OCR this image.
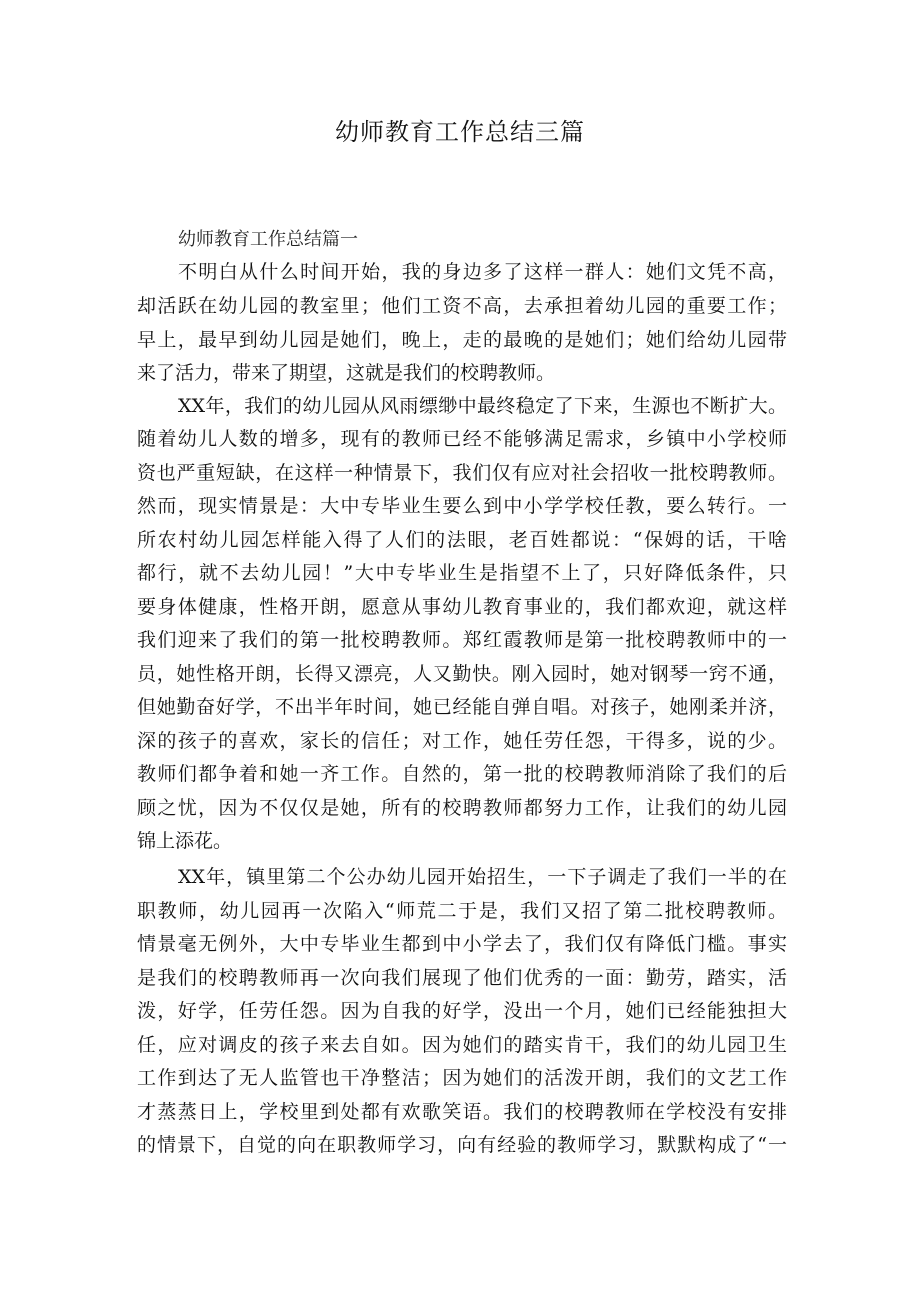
幼师教育工作总结三篇
幼师教育工作总结篇一
不明白从什么时间开始，我的身边多了这样一群人：她们文凭不高，
却活跃在幼儿园的教室里；他们工资不高，去承担着幼儿园的重要工作；
早上，最早到幼儿园是她们，晚上，走的最晚的是她们；她们给幼儿园带
来了活力，带来了期望，这就是我们的校聘教师。
XX年，我们的幼儿园从风雨缥缈中最终稳定了下来，生源也不断扩大。
随着幼儿人数的增多，现有的教师已经不能够满足需求，乡镇中小学校师
资也严重短缺，在这样一种情景下，我们仅有应对社会招收一批校聘教师。
然而，现实情景是：大中专毕业生要么到中小学学校任教，要么转行。一
所农村幼儿园怎样能入得了人们的法眼，老百姓都说：“保姆的话，干啥
都行，就不去幼儿园！”大中专毕业生是指望不上了，只好降低条件，只
要身体健康，性格开朗，愿意从事幼儿教育事业的，我们都欢迎，就这样
我们迎来了我们的第一批校聘教师。郑红霞教师是第一批校聘教师中的一
员，她性格开朗，长得又漂亮，人又勤快。刚入园时，她对钢琴一窍不通，
但她勤奋好学，不出半年时间，她已经能自弹自唱。对孩子，她刚柔并济，
深的孩子的喜欢，家长的信任；对工作，她任劳任怨，干得多，说的少。
教师们都争着和她一齐工作。自然的，第一批的校聘教师消除了我们的后
顾之忧，因为不仅仅是她，所有的校聘教师都努力工作，让我们的幼儿园
锦上添花。
XX年，镇里第二个公办幼儿园开始招生，一下子调走了我们一半的在
职教师，幼儿园再一次陷入“师荒二于是，我们又招了第二批校聘教师。
情景毫无例外，大中专毕业生都到中小学去了，我们仅有降低门槛。事实
是我们的校聘教师再一次向我们展现了他们优秀的一面：勤劳，踏实，活
泼，好学，任劳任怨。因为自我的好学，没出一个月，她们已经能独担大
任，应对调皮的孩子来去自如。因为她们的踏实肯干，我们的幼儿园卫生
工作到达了无人监管也干净整洁；因为她们的活泼开朗，我们的文艺工作
才蒸蒸日上，学校里到处都有欢歌笑语。我们的校聘教师在学校没有安排
的情景下，自觉的向在职教师学习，向有经验的教师学习，默默构成了“一
